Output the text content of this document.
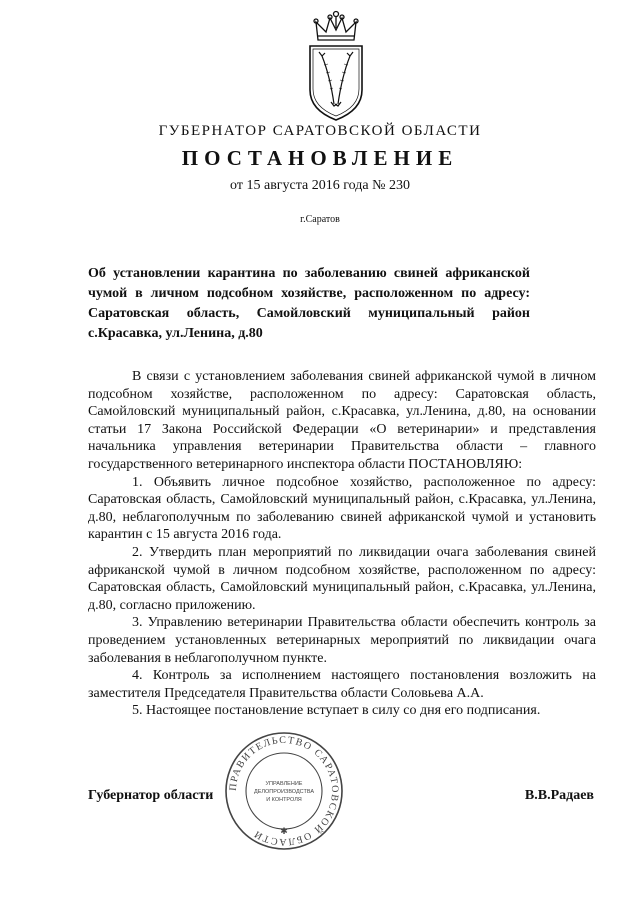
ГУБЕРНАТОР САРАТОВСКОЙ ОБЛАСТИ
ПОСТАНОВЛЕНИЕ
от 15 августа 2016 года № 230
г.Саратов

Об установлении карантина по заболеванию свиней африканской чумой в личном подсобном хозяйстве, расположенном по адресу: Саратовская область, Самойловский муниципальный район с.Красавка, ул.Ленина, д.80

В связи с установлением заболевания свиней африканской чумой в личном подсобном хозяйстве, расположенном по адресу: Саратовская область, Самойловский муниципальный район, с.Красавка, ул.Ленина, д.80, на основании статьи 17 Закона Российской Федерации «О ветеринарии» и представления начальника управления ветеринарии Правительства области – главного государственного ветеринарного инспектора области ПОСТАНОВЛЯЮ:

1. Объявить личное подсобное хозяйство, расположенное по адресу: Саратовская область, Самойловский муниципальный район, с.Красавка, ул.Ленина, д.80, неблагополучным по заболеванию свиней африканской чумой и установить карантин с 15 августа 2016 года.

2. Утвердить план мероприятий по ликвидации очага заболевания свиней африканской чумой в личном подсобном хозяйстве, расположенном по адресу: Саратовская область, Самойловский муниципальный район, с.Красавка, ул.Ленина, д.80, согласно приложению.

3. Управлению ветеринарии Правительства области обеспечить контроль за проведением установленных ветеринарных мероприятий по ликвидации очага заболевания в неблагополучном пункте.

4. Контроль за исполнением настоящего постановления возложить на заместителя Председателя Правительства области Соловьева А.А.

5. Настоящее постановление вступает в силу со дня его подписания.

Губернатор области	В.В.Радаев
ПРАВИТЕЛЬСТВО САРАТОВСКОЙ ОБЛАСТИ
УПРАВЛЕНИЕ
ДЕЛОПРОИЗВОДСТВА
И КОНТРОЛЯ
✱
